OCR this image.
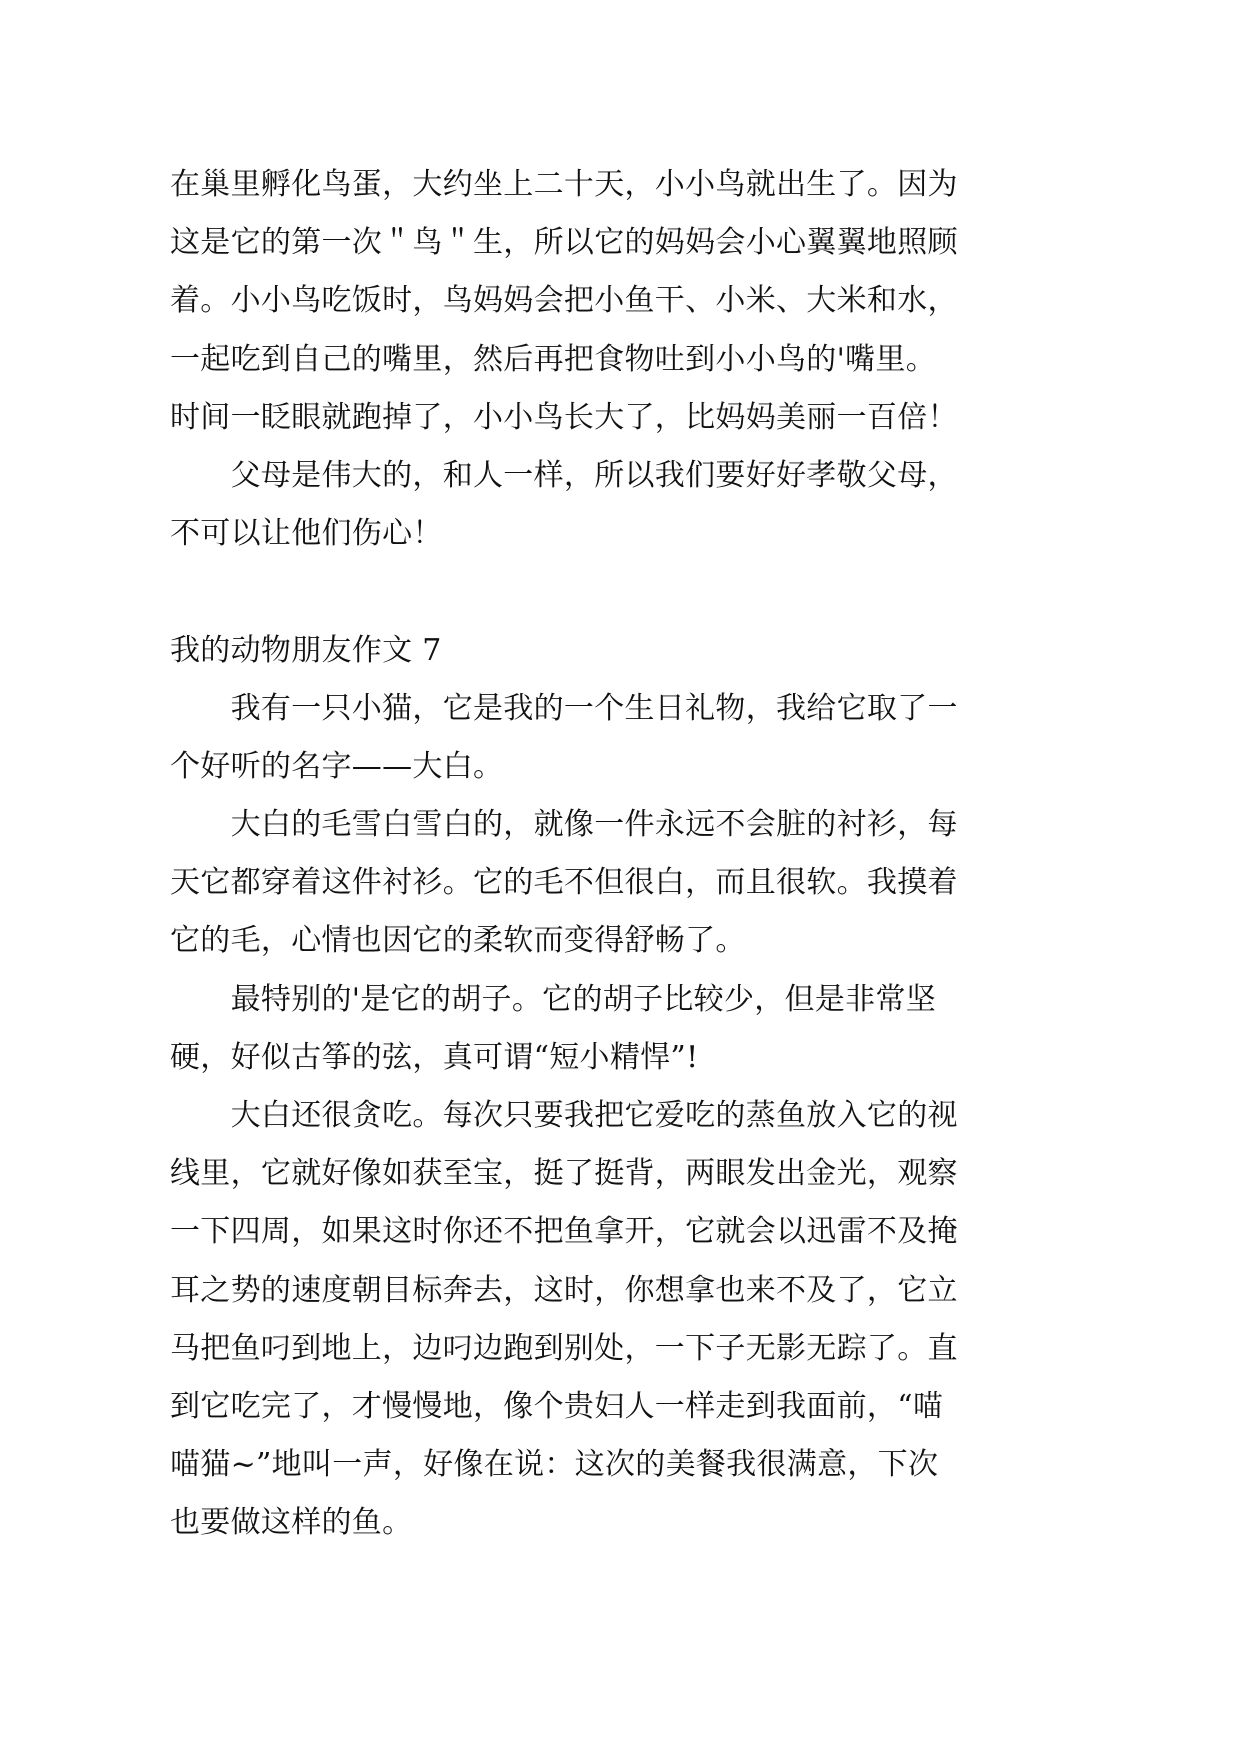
在巢里孵化鸟蛋，大约坐上二十天，小小鸟就出生了。因为
这是它的第一次＂鸟＂生，所以它的妈妈会小心翼翼地照顾
着。小小鸟吃饭时，鸟妈妈会把小鱼干、小米、大米和水，
一起吃到自己的嘴里，然后再把食物吐到小小鸟的'嘴里。
时间一眨眼就跑掉了，小小鸟长大了，比妈妈美丽一百倍！
父母是伟大的，和人一样，所以我们要好好孝敬父母，
不可以让他们伤心！
我的动物朋友作文 7
我有一只小猫，它是我的一个生日礼物，我给它取了一
个好听的名字——大白。
大白的毛雪白雪白的，就像一件永远不会脏的衬衫，每
天它都穿着这件衬衫。它的毛不但很白，而且很软。我摸着
它的毛，心情也因它的柔软而变得舒畅了。
最特别的'是它的胡子。它的胡子比较少，但是非常坚
硬，好似古筝的弦，真可谓“短小精悍”!
大白还很贪吃。每次只要我把它爱吃的蒸鱼放入它的视
线里，它就好像如获至宝，挺了挺背，两眼发出金光，观察
一下四周，如果这时你还不把鱼拿开，它就会以迅雷不及掩
耳之势的速度朝目标奔去，这时，你想拿也来不及了，它立
马把鱼叼到地上，边叼边跑到别处，一下子无影无踪了。直
到它吃完了，才慢慢地，像个贵妇人一样走到我面前，“喵
喵猫~”地叫一声，好像在说：这次的美餐我很满意，下次
也要做这样的鱼。
